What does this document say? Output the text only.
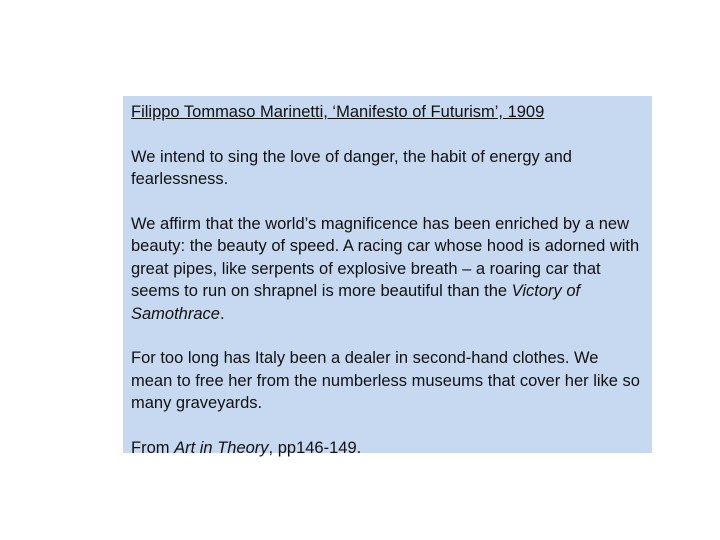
Filippo Tommaso Marinetti, ‘Manifesto of Futurism’, 1909

We intend to sing the love of danger, the habit of energy and fearlessness.

We affirm that the world’s magnificence has been enriched by a new beauty: the beauty of speed. A racing car whose hood is adorned with great pipes, like serpents of explosive breath – a roaring car that seems to run on shrapnel is more beautiful than the Victory of Samothrace.

For too long has Italy been a dealer in second-hand clothes. We mean to free her from the numberless museums that cover her like so many graveyards.

From Art in Theory, pp146-149.
